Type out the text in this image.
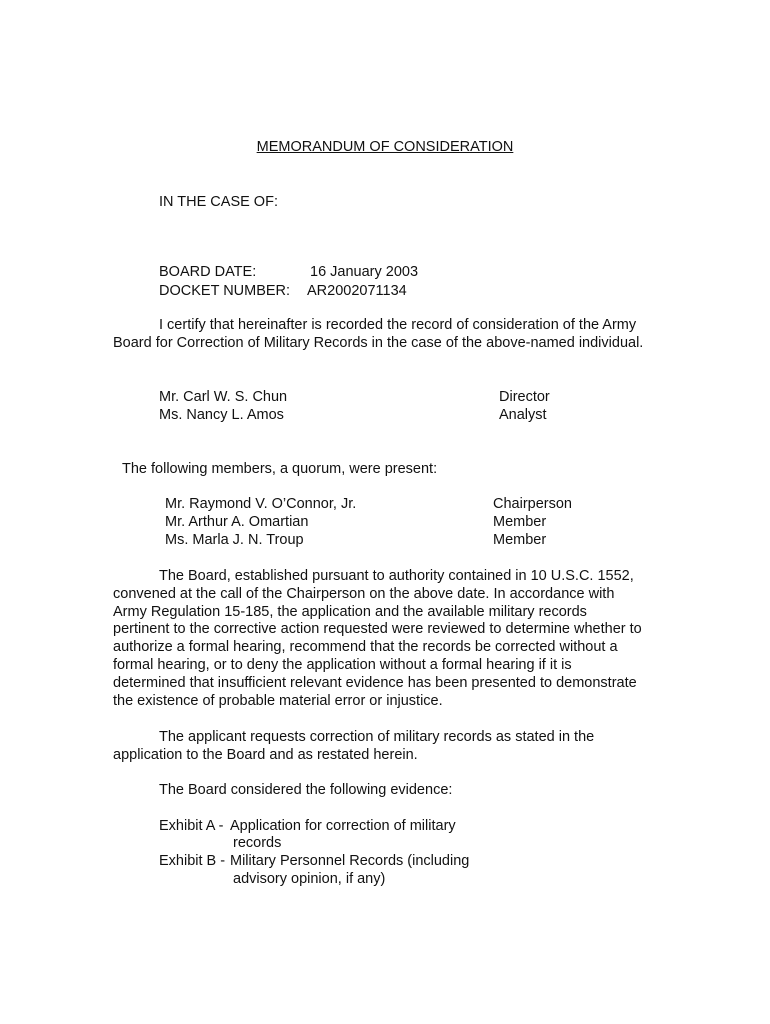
MEMORANDUM OF CONSIDERATION
IN THE CASE OF:
BOARD DATE:	16 January 2003
DOCKET NUMBER: AR2002071134
I certify that hereinafter is recorded the record of consideration of the Army Board for Correction of Military Records in the case of the above-named individual.
Mr. Carl W. S. Chun	Director
Ms. Nancy L. Amos	Analyst
The following members, a quorum, were present:
Mr. Raymond V. O’Connor, Jr.	Chairperson
Mr. Arthur A. Omartian	Member
Ms. Marla J. N. Troup	Member
The Board, established pursuant to authority contained in 10 U.S.C. 1552, convened at the call of the Chairperson on the above date. In accordance with Army Regulation 15-185, the application and the available military records pertinent to the corrective action requested were reviewed to determine whether to authorize a formal hearing, recommend that the records be corrected without a formal hearing, or to deny the application without a formal hearing if it is determined that insufficient relevant evidence has been presented to demonstrate the existence of probable material error or injustice.
The applicant requests correction of military records as stated in the application to the Board and as restated herein.
The Board considered the following evidence:
Exhibit A - Application for correction of military
records
Exhibit B - Military Personnel Records (including
advisory opinion, if any)
